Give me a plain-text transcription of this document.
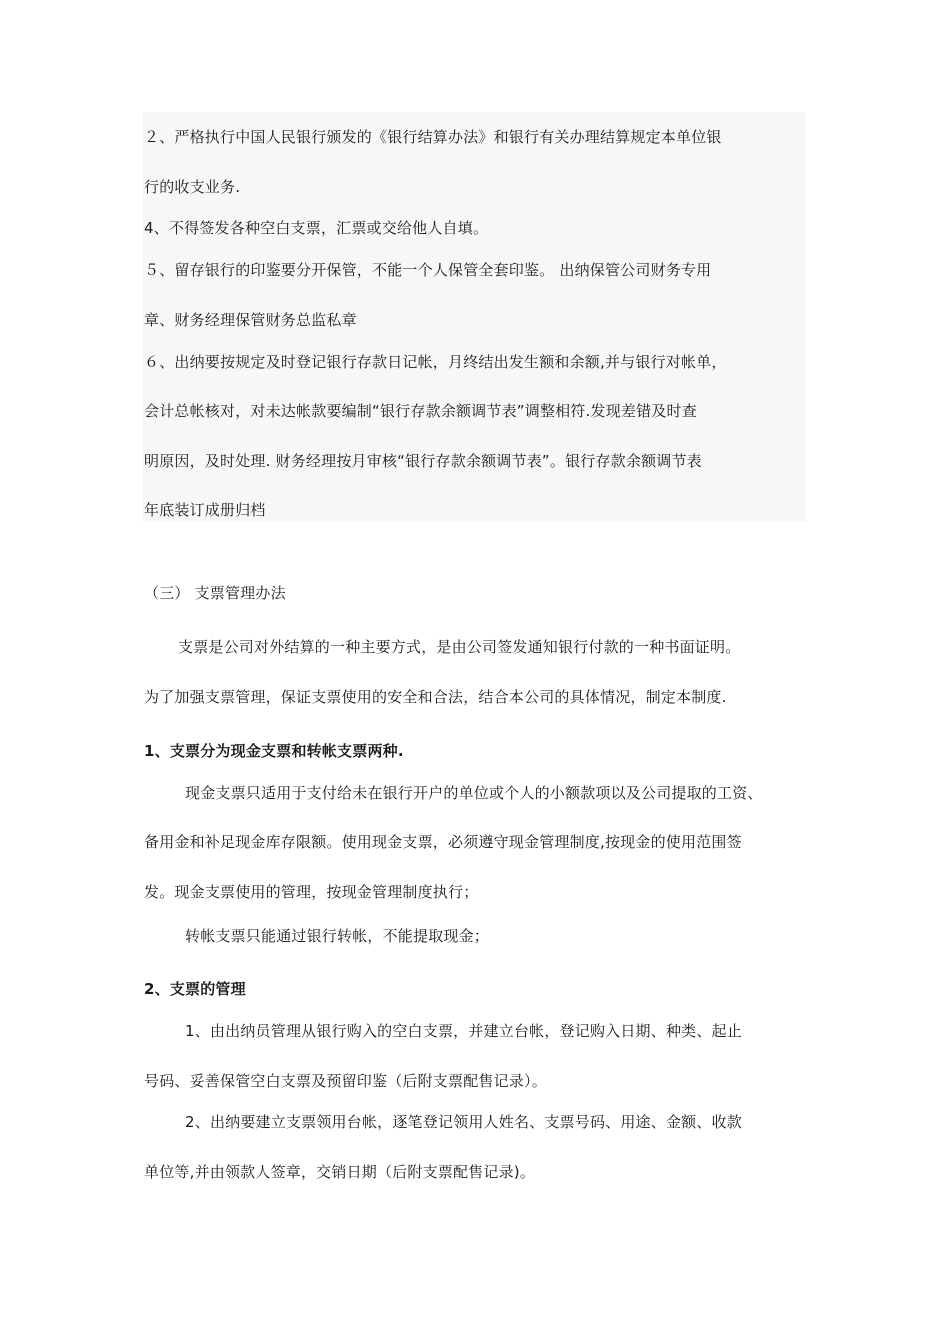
２、严格执行中国人民银行颁发的《银行结算办法》和银行有关办理结算规定本单位银
行的收支业务.
4、不得签发各种空白支票，汇票或交给他人自填。
５、留存银行的印鉴要分开保管，不能一个人保管全套印鉴。 出纳保管公司财务专用
章、财务经理保管财务总监私章
６、出纳要按规定及时登记银行存款日记帐，月终结出发生额和余额,并与银行对帐单，
会计总帐核对，对未达帐款要编制“银行存款余额调节表”调整相符.发现差错及时查
明原因，及时处理. 财务经理按月审核“银行存款余额调节表”。银行存款余额调节表
年底装订成册归档
（三） 支票管理办法
支票是公司对外结算的一种主要方式，是由公司签发通知银行付款的一种书面证明。
为了加强支票管理，保证支票使用的安全和合法，结合本公司的具体情况，制定本制度.
1、支票分为现金支票和转帐支票两种.
现金支票只适用于支付给未在银行开户的单位或个人的小额款项以及公司提取的工资、
备用金和补足现金库存限额。使用现金支票，必须遵守现金管理制度,按现金的使用范围签
发。现金支票使用的管理，按现金管理制度执行；
转帐支票只能通过银行转帐，不能提取现金；
2、支票的管理
1、由出纳员管理从银行购入的空白支票，并建立台帐，登记购入日期、种类、起止
号码、妥善保管空白支票及预留印鉴（后附支票配售记录）。
2、出纳要建立支票领用台帐，逐笔登记领用人姓名、支票号码、用途、金额、收款
单位等,并由领款人签章，交销日期（后附支票配售记录)。
